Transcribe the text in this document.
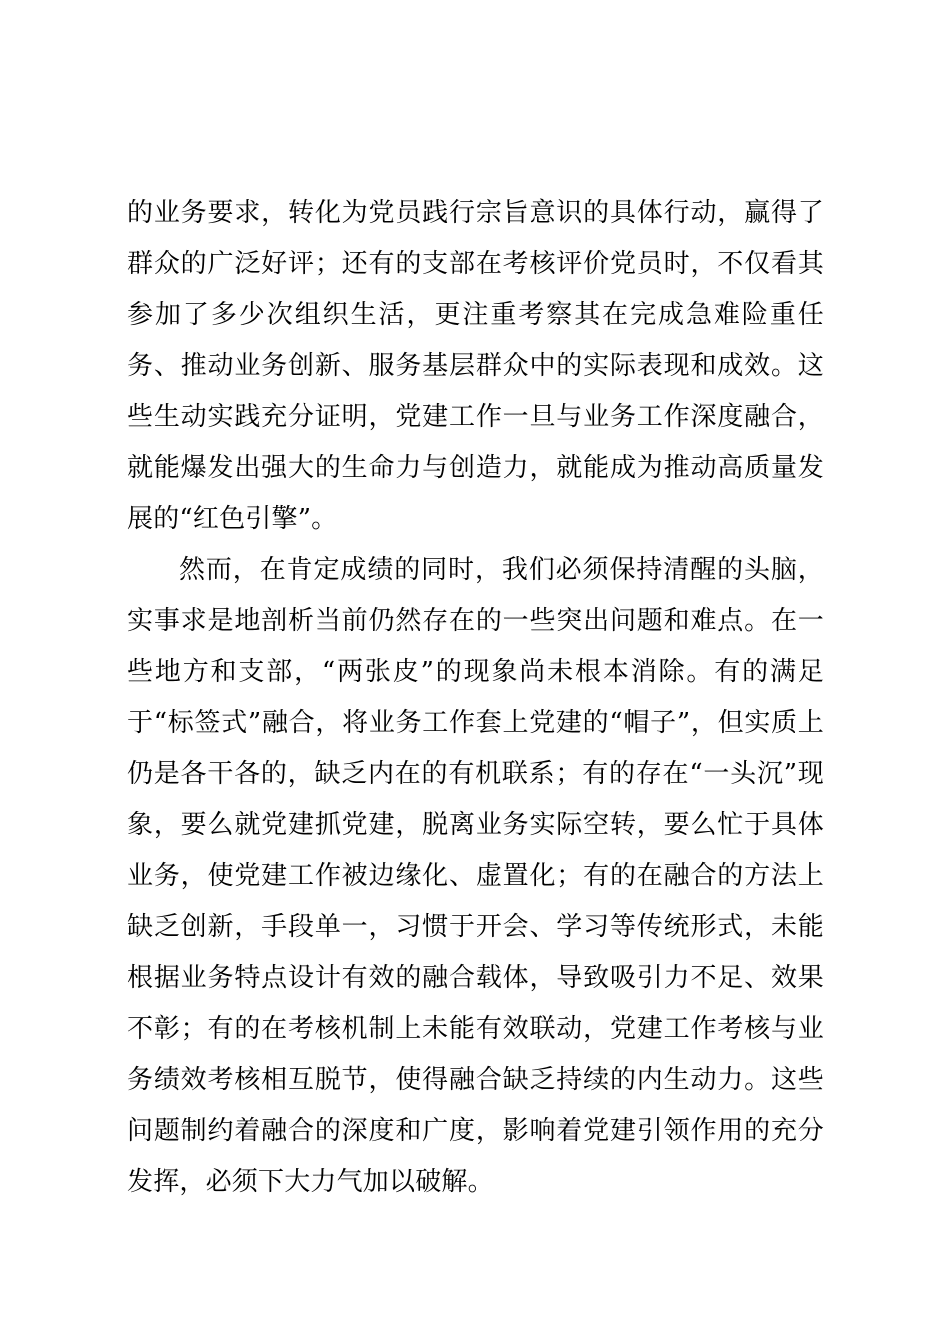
的业务要求，转化为党员践行宗旨意识的具体行动，赢得了群众的广泛好评；还有的支部在考核评价党员时，不仅看其参加了多少次组织生活，更注重考察其在完成急难险重任务、推动业务创新、服务基层群众中的实际表现和成效。这些生动实践充分证明，党建工作一旦与业务工作深度融合，就能爆发出强大的生命力与创造力，就能成为推动高质量发展的“红色引擎”。

然而，在肯定成绩的同时，我们必须保持清醒的头脑，实事求是地剖析当前仍然存在的一些突出问题和难点。在一些地方和支部，“两张皮”的现象尚未根本消除。有的满足于“标签式”融合，将业务工作套上党建的“帽子”，但实质上仍是各干各的，缺乏内在的有机联系；有的存在“一头沉”现象，要么就党建抓党建，脱离业务实际空转，要么忙于具体业务，使党建工作被边缘化、虚置化；有的在融合的方法上缺乏创新，手段单一，习惯于开会、学习等传统形式，未能根据业务特点设计有效的融合载体，导致吸引力不足、效果不彰；有的在考核机制上未能有效联动，党建工作考核与业务绩效考核相互脱节，使得融合缺乏持续的内生动力。这些问题制约着融合的深度和广度，影响着党建引领作用的充分发挥，必须下大力气加以破解。
